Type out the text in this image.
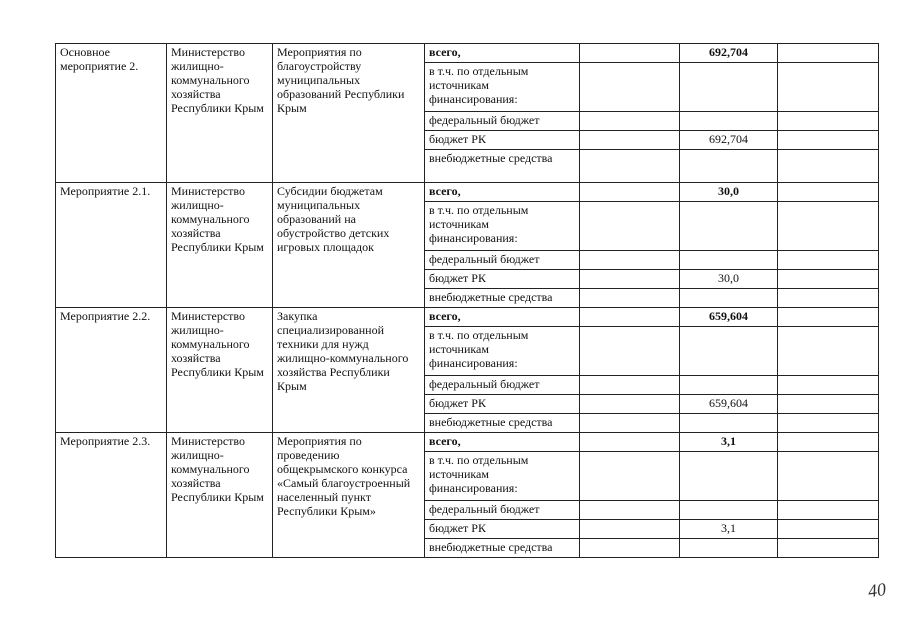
Основное мероприятие 2.	Министерство жилищно-коммунального хозяйства Республики Крым	Мероприятия по благоустройству муниципальных образований Республики Крым	всего,		692,704	
			в т.ч. по отдельным источникам финансирования:			
			федеральный бюджет			
			бюджет РК		692,704	
			внебюджетные средства			
Мероприятие 2.1.	Министерство жилищно-коммунального хозяйства Республики Крым	Субсидии бюджетам муниципальных образований на обустройство детских игровых площадок	всего,		30,0	
			в т.ч. по отдельным источникам финансирования:			
			федеральный бюджет			
			бюджет РК		30,0	
			внебюджетные средства			
Мероприятие 2.2.	Министерство жилищно-коммунального хозяйства Республики Крым	Закупка специализированной техники для нужд жилищно-коммунального хозяйства Республики Крым	всего,		659,604	
			в т.ч. по отдельным источникам финансирования:			
			федеральный бюджет			
			бюджет РК		659,604	
			внебюджетные средства			
Мероприятие 2.3.	Министерство жилищно-коммунального хозяйства Республики Крым	Мероприятия по проведению общекрымского конкурса «Самый благоустроенный населенный пункт Республики Крым»	всего,		3,1	
			в т.ч. по отдельным источникам финансирования:			
			федеральный бюджет			
			бюджет РК		3,1	
			внебюджетные средства			
40
